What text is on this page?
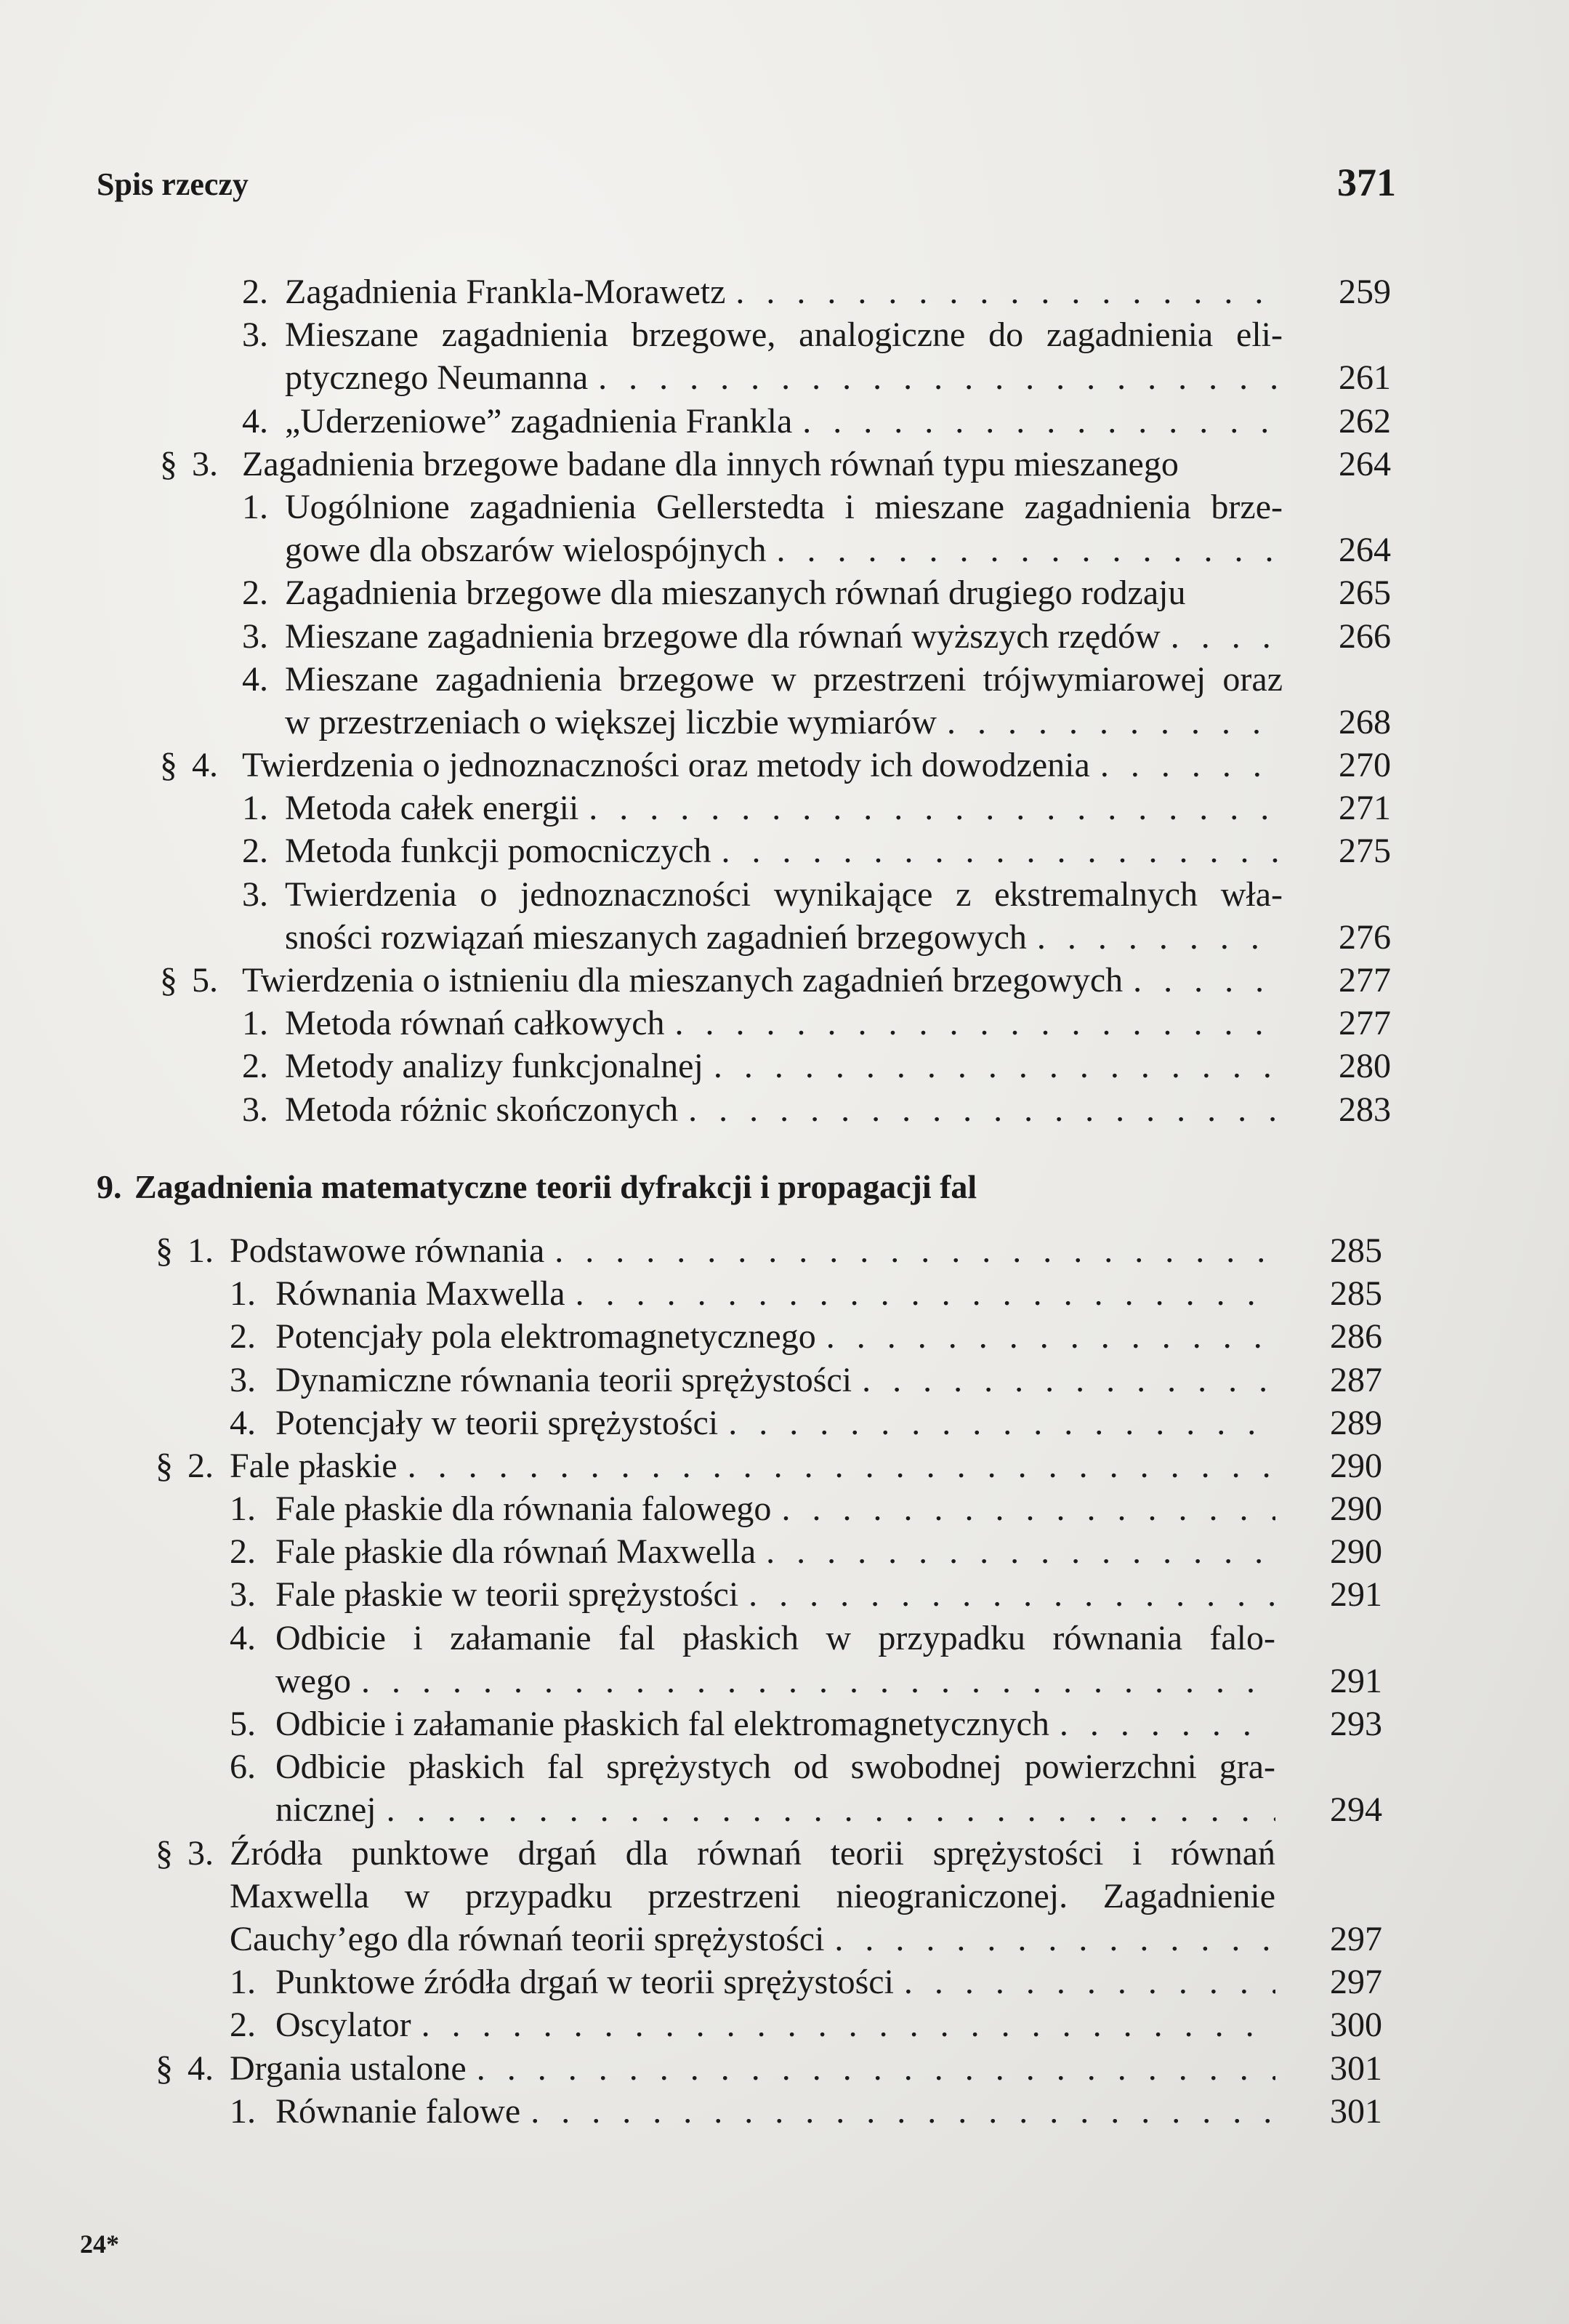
Spis rzeczy	371
2. Zagadnienia Frankla-Morawetz . . .	259
3. Mieszane zagadnienia brzegowe, analogiczne do zagadnienia eli-
ptycznego Neumanna . . .	261
4. „Uderzeniowe” zagadnienia Frankla . . .	262
§ 3. Zagadnienia brzegowe badane dla innych równań typu mieszanego	264
1. Uogólnione zagadnienia Gellerstedta i mieszane zagadnienia brze-
gowe dla obszarów wielospójnych . . .	264
2. Zagadnienia brzegowe dla mieszanych równań drugiego rodzaju	265
3. Mieszane zagadnienia brzegowe dla równań wyższych rzędów . . .	266
4. Mieszane zagadnienia brzegowe w przestrzeni trójwymiarowej oraz
w przestrzeniach o większej liczbie wymiarów . . .	268
§ 4. Twierdzenia o jednoznaczności oraz metody ich dowodzenia . . .	270
1. Metoda całek energii . . .	271
2. Metoda funkcji pomocniczych . . .	275
3. Twierdzenia o jednoznaczności wynikające z ekstremalnych wła-
sności rozwiązań mieszanych zagadnień brzegowych . . .	276
§ 5. Twierdzenia o istnieniu dla mieszanych zagadnień brzegowych . . .	277
1. Metoda równań całkowych . . .	277
2. Metody analizy funkcjonalnej . . .	280
3. Metoda różnic skończonych . . .	283
9. Zagadnienia matematyczne teorii dyfrakcji i propagacji fal
§ 1. Podstawowe równania . . .	285
1. Równania Maxwella . . .	285
2. Potencjały pola elektromagnetycznego . . .	286
3. Dynamiczne równania teorii sprężystości . . .	287
4. Potencjały w teorii sprężystości . . .	289
§ 2. Fale płaskie . . .	290
1. Fale płaskie dla równania falowego . . .	290
2. Fale płaskie dla równań Maxwella . . .	290
3. Fale płaskie w teorii sprężystości . . .	291
4. Odbicie i załamanie fal płaskich w przypadku równania falo-
wego . . .	291
5. Odbicie i załamanie płaskich fal elektromagnetycznych . . .	293
6. Odbicie płaskich fal sprężystych od swobodnej powierzchni gra-
nicznej . . .	294
§ 3. Źródła punktowe drgań dla równań teorii sprężystości i równań
Maxwella w przypadku przestrzeni nieograniczonej. Zagadnienie
Cauchy’ego dla równań teorii sprężystości . . .	297
1. Punktowe źródła drgań w teorii sprężystości . . .	297
2. Oscylator . . .	300
§ 4. Drgania ustalone . . .	301
1. Równanie falowe . . .	301
24*
